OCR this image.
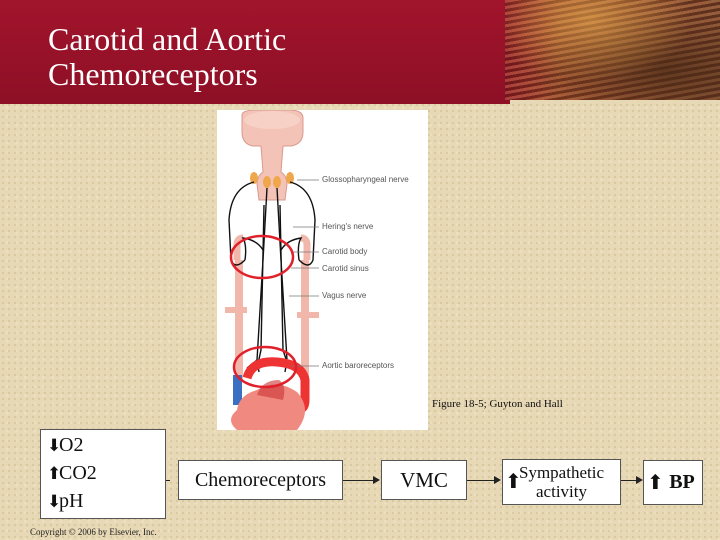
Carotid and Aortic
Chemoreceptors
Glossopharyngeal nerve
Hering's nerve
Carotid body
Carotid sinus
Vagus nerve
Aortic baroreceptors
Figure 18-5; Guyton and Hall
⬇O2
⬆CO2
⬇pH
Chemoreceptors	VMC	⬆
Sympathetic
activity	⬆ BP
Copyright © 2006 by Elsevier, Inc.
